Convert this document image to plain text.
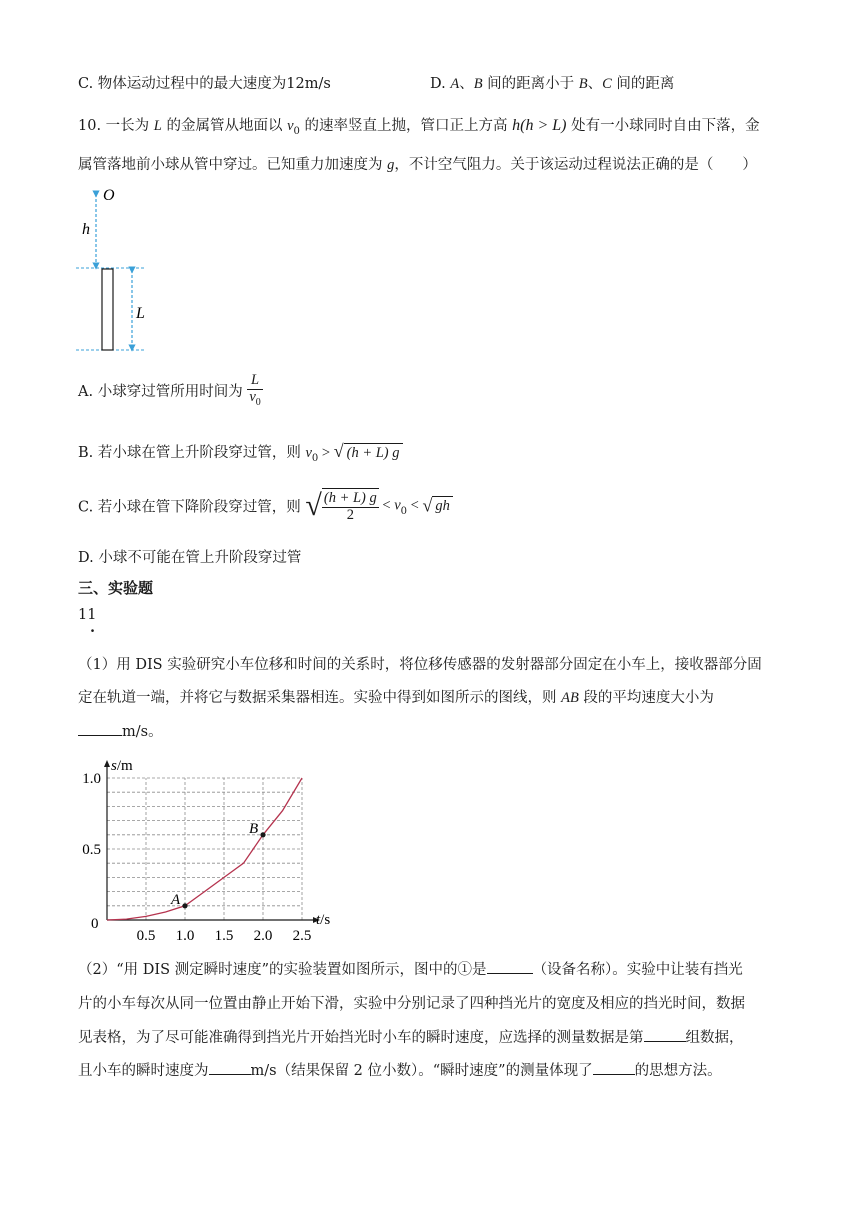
C. 物体运动过程中的最大速度为12m/s	D. A、B 间的距离小于 B、C 间的距离
10. 一长为 L 的金属管从地面以 $v_0$ 的速率竖直上抛，管口正上方高 h(h > L) 处有一小球同时自由下落，金
属管落地前小球从管中穿过。已知重力加速度为 g，不计空气阻力。关于该运动过程说法正确的是（　　）
O
h
L
A. 小球穿过管所用时间为 $\frac{L}{v_0}$
B. 若小球在管上升阶段穿过管，则 $v_0$ > √ (h + L) g
C. 若小球在管下降阶段穿过管，则 √ $\frac{(h + L) g}{2} < v_0$ < √ gh
D. 小球不可能在管上升阶段穿过管
三、实验题
11
.
（1）用 DIS 实验研究小车位移和时间的关系时，将位移传感器的发射器部分固定在小车上，接收器部分固
定在轨道一端，并将它与数据采集器相连。实验中得到如图所示的图线，则 AB 段的平均速度大小为
m/s。
s/m
t/s
0.5 1.0 1.5 2.0 2.5
1.0
0.5
0
A
B
（2）“用 DIS 测定瞬时速度”的实验装置如图所示，图中的①是	（设备名称）。实验中让装有挡光
片的小车每次从同一位置由静止开始下滑，实验中分别记录了四种挡光片的宽度及相应的挡光时间，数据
见表格，为了尽可能准确得到挡光片开始挡光时小车的瞬时速度，应选择的测量数据是第	组数据，
且小车的瞬时速度为	m/s（结果保留 2 位小数）。“瞬时速度”的测量体现了	的思想方法。
